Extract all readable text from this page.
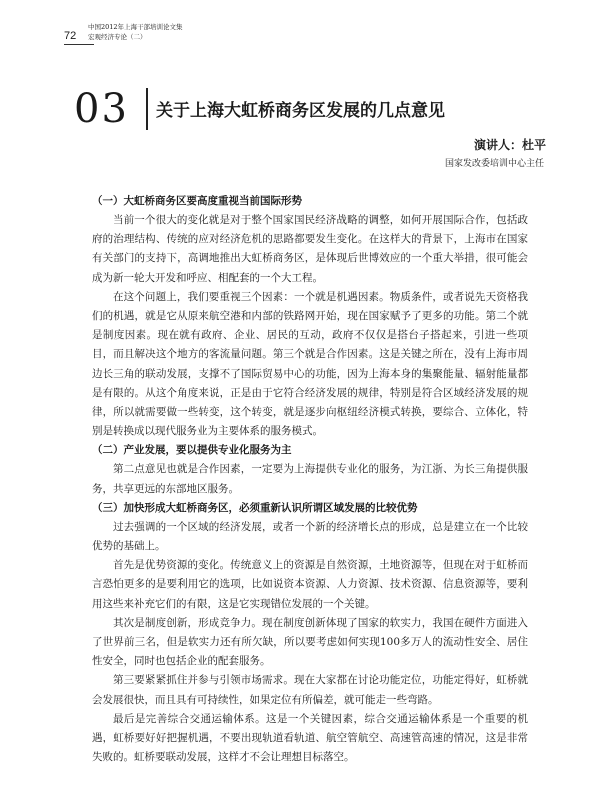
72
中国2012年上海干部培训论文集
宏观经济专论（二）
03 关于上海大虹桥商务区发展的几点意见
演讲人：杜平
国家发改委培训中心主任

（一）大虹桥商务区要高度重视当前国际形势

当前一个很大的变化就是对于整个国家国民经济战略的调整，如何开展国际合作，包括政府的治理结构、传统的应对经济危机的思路都要发生变化。在这样大的背景下，上海市在国家有关部门的支持下，高调地推出大虹桥商务区，是体现后世博效应的一个重大举措，很可能会成为新一轮大开发和呼应、相配套的一个大工程。

在这个问题上，我们要重视三个因素：一个就是机遇因素。物质条件，或者说先天资格我们的机遇，就是它从原来航空港和内部的铁路网开始，现在国家赋予了更多的功能。第二个就是制度因素。现在就有政府、企业、居民的互动，政府不仅仅是搭台子搭起来，引进一些项目，而且解决这个地方的客流量问题。第三个就是合作因素。这是关键之所在，没有上海市周边长三角的联动发展，支撑不了国际贸易中心的功能，因为上海本身的集聚能量、辐射能量都是有限的。从这个角度来说，正是由于它符合经济发展的规律，特别是符合区域经济发展的规律，所以就需要做一些转变，这个转变，就是逐步向枢纽经济模式转换，要综合、立体化，特别是转换成以现代服务业为主要体系的服务模式。

（二）产业发展，要以提供专业化服务为主

第二点意见也就是合作因素，一定要为上海提供专业化的服务，为江浙、为长三角提供服务，共享更远的东部地区服务。

（三）加快形成大虹桥商务区，必须重新认识所谓区域发展的比较优势

过去强调的一个区域的经济发展，或者一个新的经济增长点的形成，总是建立在一个比较优势的基础上。

首先是优势资源的变化。传统意义上的资源是自然资源，土地资源等，但现在对于虹桥而言恐怕更多的是要利用它的选项，比如说资本资源、人力资源、技术资源、信息资源等，要利用这些来补充它们的有限，这是它实现错位发展的一个关键。

其次是制度创新，形成竞争力。现在制度创新体现了国家的软实力，我国在硬件方面进入了世界前三名，但是软实力还有所欠缺，所以要考虑如何实现100多万人的流动性安全、居住性安全，同时也包括企业的配套服务。

第三要紧紧抓住并参与引领市场需求。现在大家都在讨论功能定位，功能定得好，虹桥就会发展很快，而且具有可持续性，如果定位有所偏差，就可能走一些弯路。

最后是完善综合交通运输体系。这是一个关键因素，综合交通运输体系是一个重要的机遇，虹桥要好好把握机遇，不要出现轨道看轨道、航空管航空、高速管高速的情况，这是非常失败的。虹桥要联动发展，这样才不会让理想目标落空。
